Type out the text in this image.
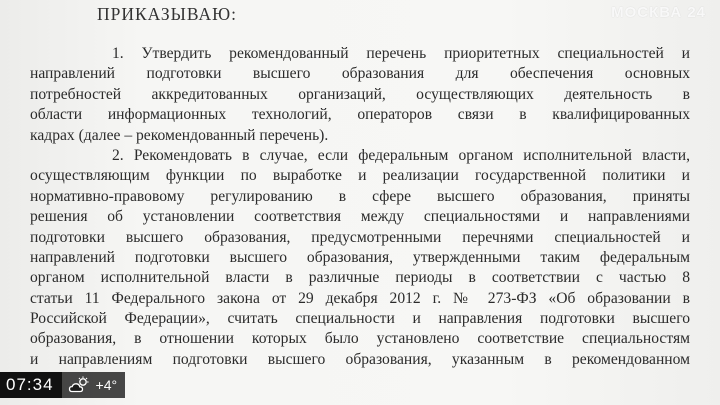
ПРИКАЗЫВАЮ:
1. Утвердить рекомендованный перечень приоритетных специальностей и
направлений подготовки высшего образования для обеспечения основных
потребностей аккредитованных организаций, осуществляющих деятельность в
области информационных технологий, операторов связи в квалифицированных
кадрах (далее – рекомендованный перечень).
2. Рекомендовать в случае, если федеральным органом исполнительной власти,
осуществляющим функции по выработке и реализации государственной политики и
нормативно-правовому регулированию в сфере высшего образования, приняты
решения об установлении соответствия между специальностями и направлениями
подготовки высшего образования, предусмотренными перечнями специальностей и
направлений подготовки высшего образования, утвержденными таким федеральным
органом исполнительной власти в различные периоды в соответствии с частью 8
статьи 11 Федерального закона от 29 декабря 2012 г. № 273-ФЗ «Об образовании в
Российской Федерации», считать специальности и направления подготовки высшего
образования, в отношении которых было установлено соответствие специальностям
и направлениям подготовки высшего образования, указанным в рекомендованном
МОСКВА 24
07:34	+4°
